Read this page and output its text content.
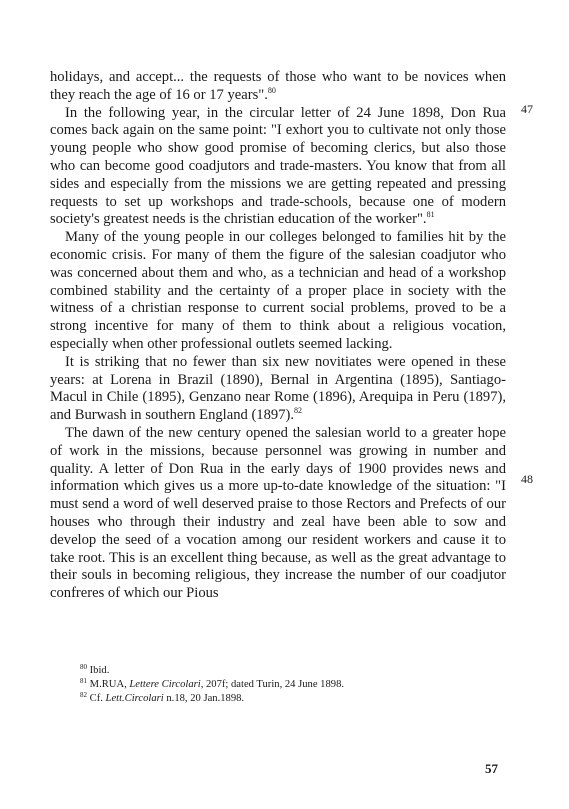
holidays, and accept... the requests of those who want to be novices when they reach the age of 16 or 17 years".$^{80}$

In the following year, in the circular letter of 24 June 1898, Don Rua comes back again on the same point: "I exhort you to cultivate not only those young people who show good promise of becoming clerics, but also those who can become good coadjutors and trade-masters. You know that from all sides and especially from the missions we are getting repeated and pressing requests to set up workshops and trade-schools, because one of modern society's greatest needs is the christian education of the worker".$^{81}$

Many of the young people in our colleges belonged to families hit by the economic crisis. For many of them the figure of the salesian coadjutor who was concerned about them and who, as a technician and head of a workshop combined stability and the certainty of a proper place in society with the witness of a christian response to current social problems, proved to be a strong incentive for many of them to think about a religious vocation, especially when other professional outlets seemed lacking.

It is striking that no fewer than six new novitiates were opened in these years: at Lorena in Brazil (1890), Bernal in Argentina (1895), Santiago-Macul in Chile (1895), Genzano near Rome (1896), Arequipa in Peru (1897), and Burwash in southern England (1897).$^{82}$

The dawn of the new century opened the salesian world to a greater hope of work in the missions, because personnel was growing in number and quality. A letter of Don Rua in the early days of 1900 provides news and information which gives us a more up-to-date knowledge of the situation: "I must send a word of well deserved praise to those Rectors and Prefects of our houses who through their industry and zeal have been able to sow and develop the seed of a vocation among our resident workers and cause it to take root. This is an excellent thing because, as well as the great advantage to their souls in becoming religious, they increase the number of our coadjutor confreres of which our Pious

47
48
$^{80}$ Ibid.
$^{81}$ M.RUA, Lettere Circolari, 207f; dated Turin, 24 June 1898.
$^{82}$ Cf. Lett.Circolari n.18, 20 Jan.1898.
57
